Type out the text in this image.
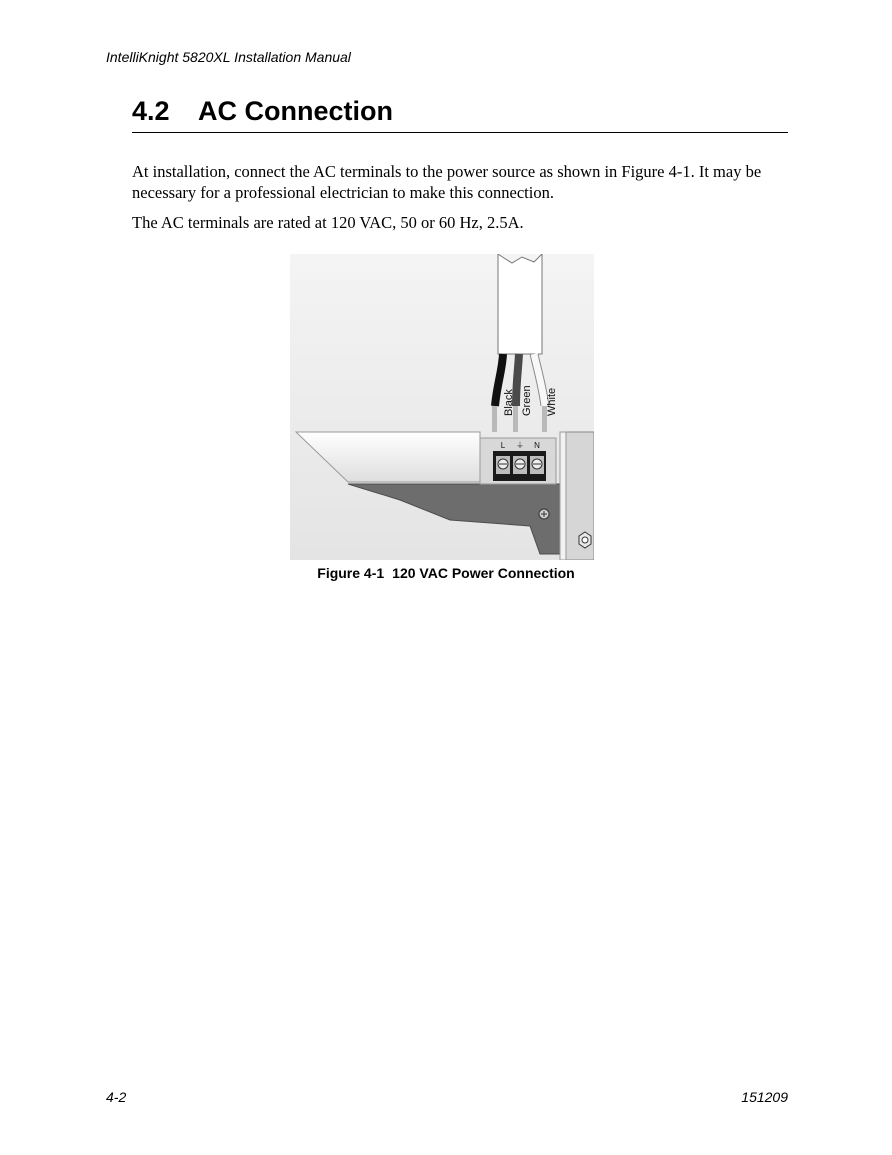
IntelliKnight 5820XL Installation Manual
4.2 AC Connection

At installation, connect the AC terminals to the power source as shown in Figure 4-1. It may be necessary for a professional electrician to make this connection.

The AC terminals are rated at 120 VAC, 50 or 60 Hz, 2.5A.

Black Green White
L ⏚ N
Figure 4-1 120 VAC Power Connection
4-2	151209
